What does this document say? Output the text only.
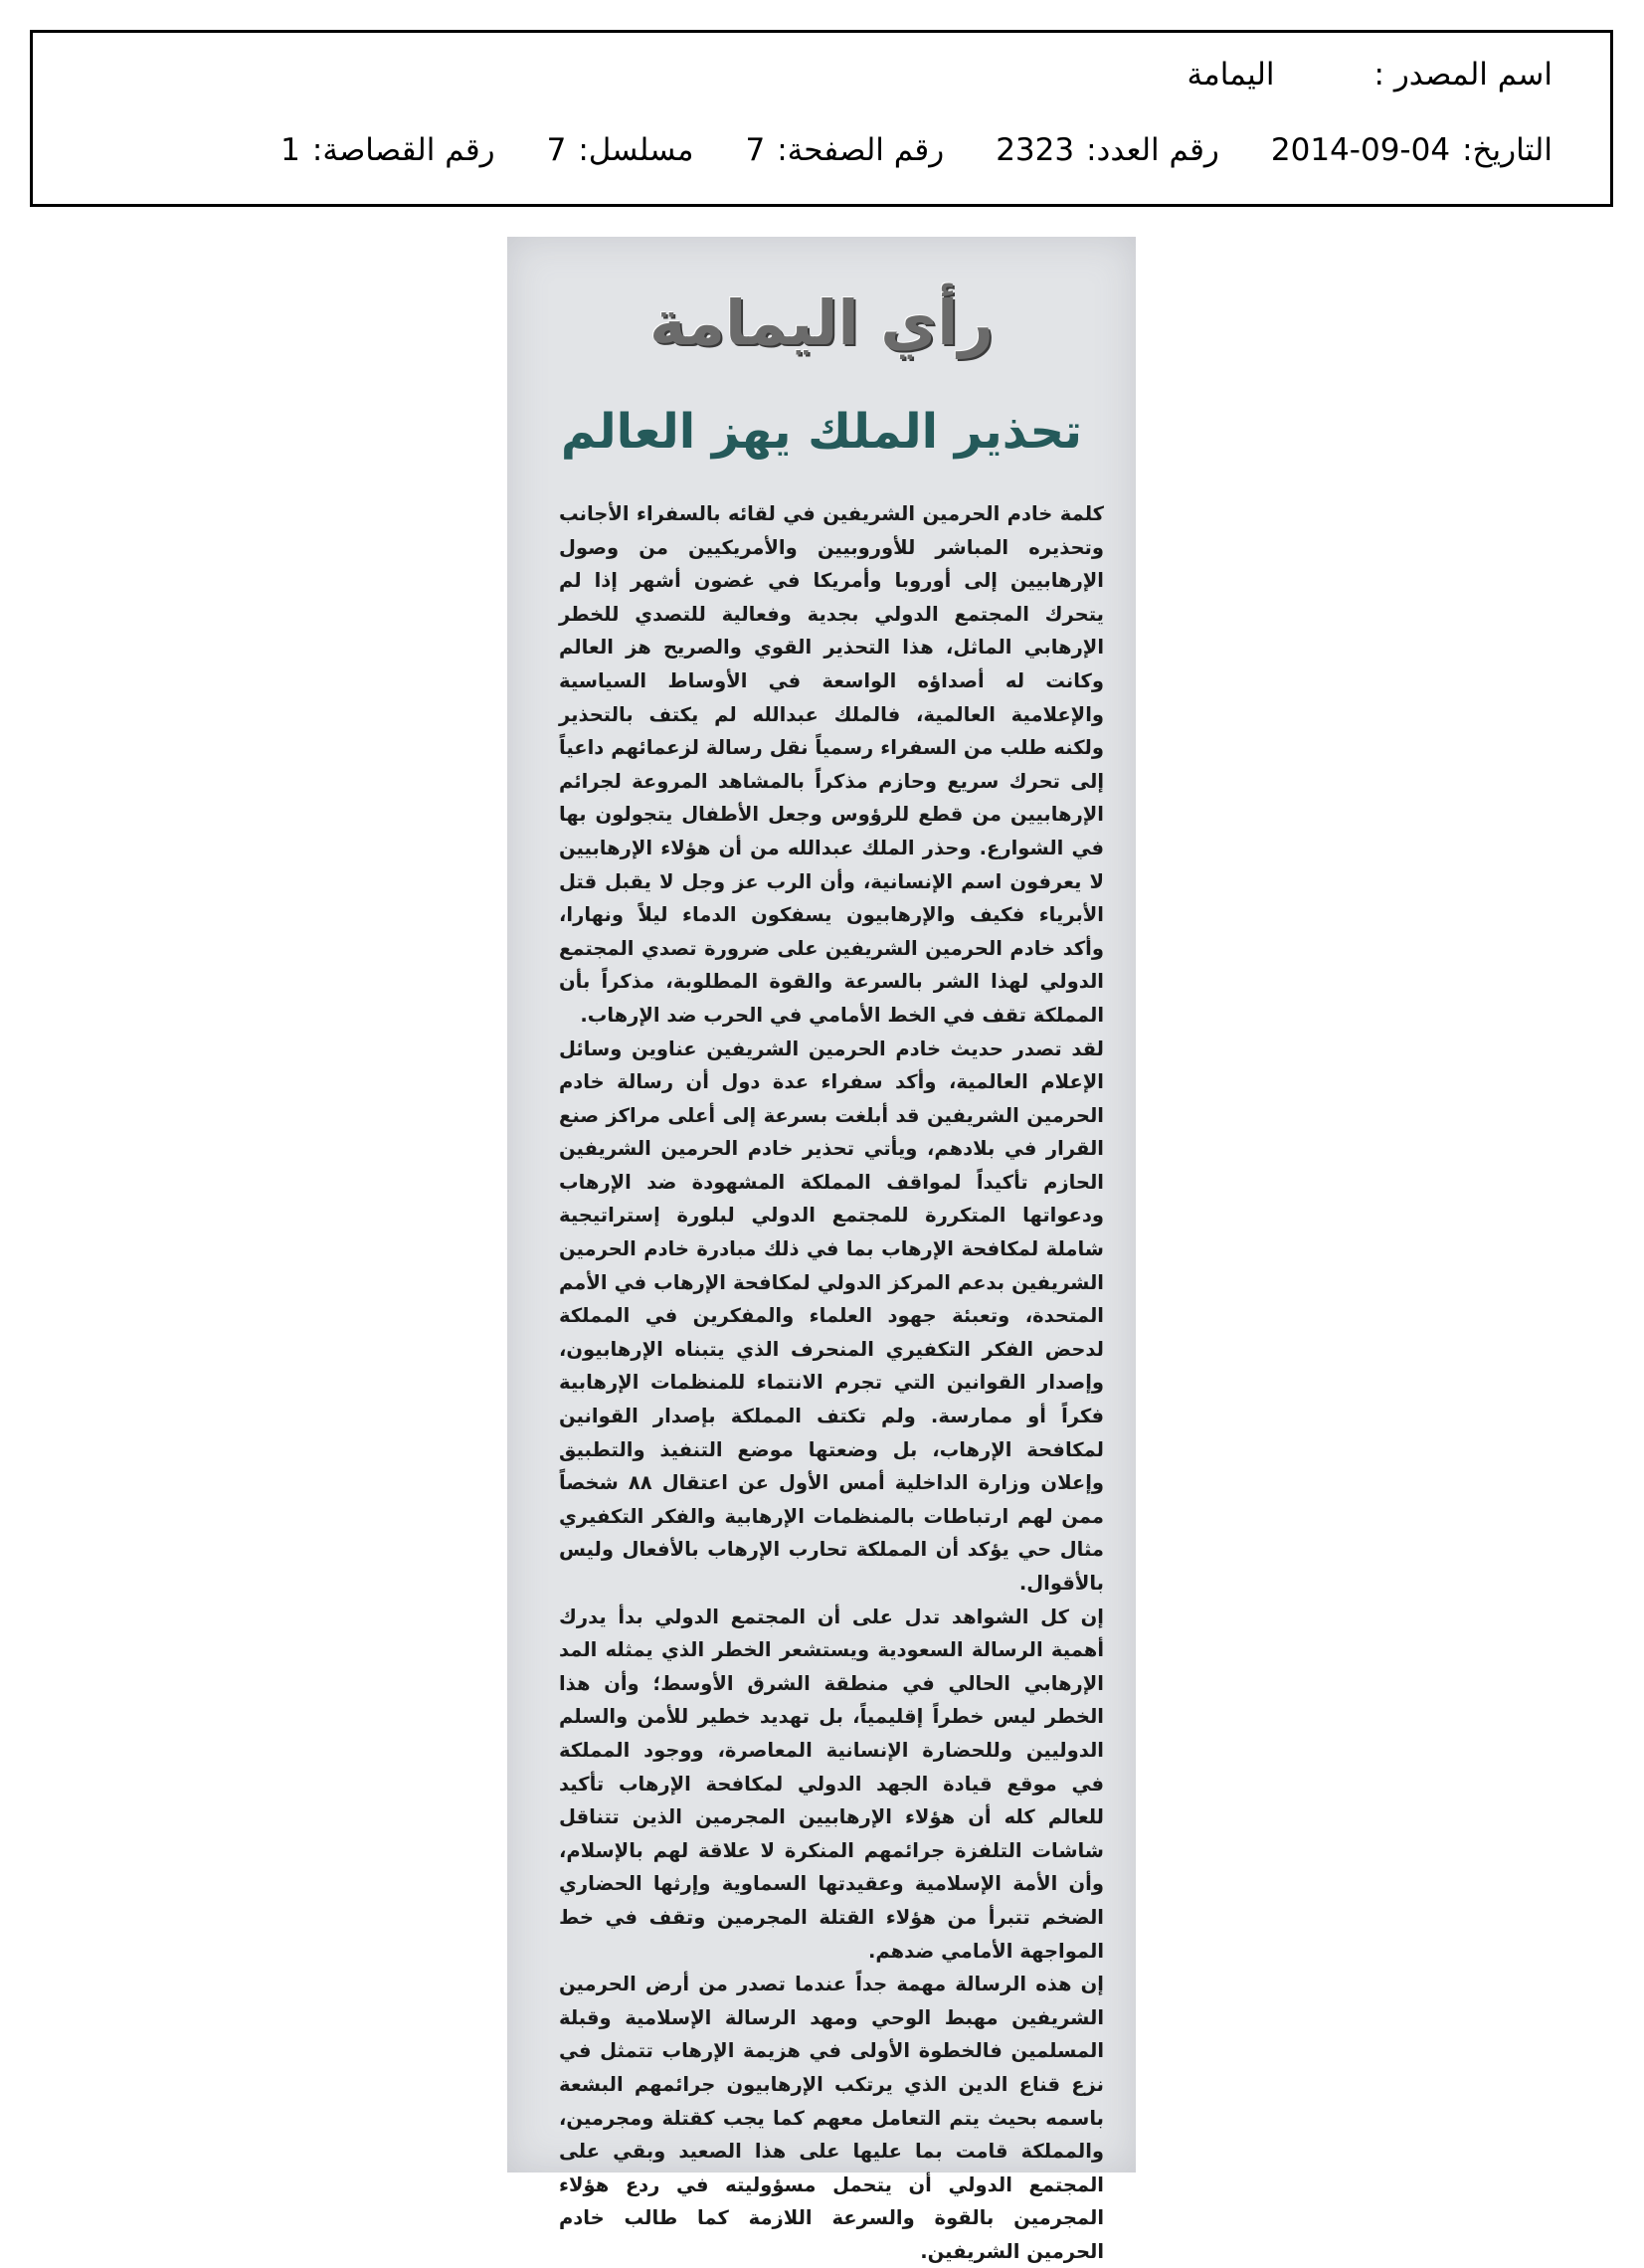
اسم المصدر :
اليمامة
التاريخ:
2014-09-04
رقم العدد:
2323
رقم الصفحة:
7
مسلسل:
7
رقم القصاصة:
1
رأي اليمامة
تحذير الملك يهز العالم

كلمة خادم الحرمين الشريفين في لقائه بالسفراء الأجانب وتحذيره المباشر للأوروبيين والأمريكيين من وصول الإرهابيين إلى أوروبا وأمريكا في غضون أشهر إذا لم يتحرك المجتمع الدولي بجدية وفعالية للتصدي للخطر الإرهابي الماثل، هذا التحذير القوي والصريح هز العالم وكانت له أصداؤه الواسعة في الأوساط السياسية والإعلامية العالمية، فالملك عبدالله لم يكتف بالتحذير ولكنه طلب من السفراء رسمياً نقل رسالة لزعمائهم داعياً إلى تحرك سريع وحازم مذكراً بالمشاهد المروعة لجرائم الإرهابيين من قطع للرؤوس وجعل الأطفال يتجولون بها في الشوارع. وحذر الملك عبدالله من أن هؤلاء الإرهابيين لا يعرفون اسم الإنسانية، وأن الرب عز وجل لا يقبل قتل الأبرياء فكيف والإرهابيون يسفكون الدماء ليلاً ونهارا، وأكد خادم الحرمين الشريفين على ضرورة تصدي المجتمع الدولي لهذا الشر بالسرعة والقوة المطلوبة، مذكراً بأن المملكة تقف في الخط الأمامي في الحرب ضد الإرهاب.

لقد تصدر حديث خادم الحرمين الشريفين عناوين وسائل الإعلام العالمية، وأكد سفراء عدة دول أن رسالة خادم الحرمين الشريفين قد أبلغت بسرعة إلى أعلى مراكز صنع القرار في بلادهم، ويأتي تحذير خادم الحرمين الشريفين الحازم تأكيداً لمواقف المملكة المشهودة ضد الإرهاب ودعواتها المتكررة للمجتمع الدولي لبلورة إستراتيجية شاملة لمكافحة الإرهاب بما في ذلك مبادرة خادم الحرمين الشريفين بدعم المركز الدولي لمكافحة الإرهاب في الأمم المتحدة، وتعبئة جهود العلماء والمفكرين في المملكة لدحض الفكر التكفيري المنحرف الذي يتبناه الإرهابيون، وإصدار القوانين التي تجرم الانتماء للمنظمات الإرهابية فكراً أو ممارسة. ولم تكتف المملكة بإصدار القوانين لمكافحة الإرهاب، بل وضعتها موضع التنفيذ والتطبيق وإعلان وزارة الداخلية أمس الأول عن اعتقال ٨٨ شخصاً ممن لهم ارتباطات بالمنظمات الإرهابية والفكر التكفيري مثال حي يؤكد أن المملكة تحارب الإرهاب بالأفعال وليس بالأقوال.

إن كل الشواهد تدل على أن المجتمع الدولي بدأ يدرك أهمية الرسالة السعودية ويستشعر الخطر الذي يمثله المد الإرهابي الحالي في منطقة الشرق الأوسط؛ وأن هذا الخطر ليس خطراً إقليمياً، بل تهديد خطير للأمن والسلم الدوليين وللحضارة الإنسانية المعاصرة، ووجود المملكة في موقع قيادة الجهد الدولي لمكافحة الإرهاب تأكيد للعالم كله أن هؤلاء الإرهابيين المجرمين الذين تتناقل شاشات التلفزة جرائمهم المنكرة لا علاقة لهم بالإسلام، وأن الأمة الإسلامية وعقيدتها السماوية وإرثها الحضاري الضخم تتبرأ من هؤلاء القتلة المجرمين وتقف في خط المواجهة الأمامي ضدهم.

إن هذه الرسالة مهمة جداً عندما تصدر من أرض الحرمين الشريفين مهبط الوحي ومهد الرسالة الإسلامية وقبلة المسلمين فالخطوة الأولى في هزيمة الإرهاب تتمثل في نزع قناع الدين الذي يرتكب الإرهابيون جرائمهم البشعة باسمه بحيث يتم التعامل معهم كما يجب كقتلة ومجرمين، والمملكة قامت بما عليها على هذا الصعيد وبقي على المجتمع الدولي أن يتحمل مسؤوليته في ردع هؤلاء المجرمين بالقوة والسرعة اللازمة كما طالب خادم الحرمين الشريفين.
